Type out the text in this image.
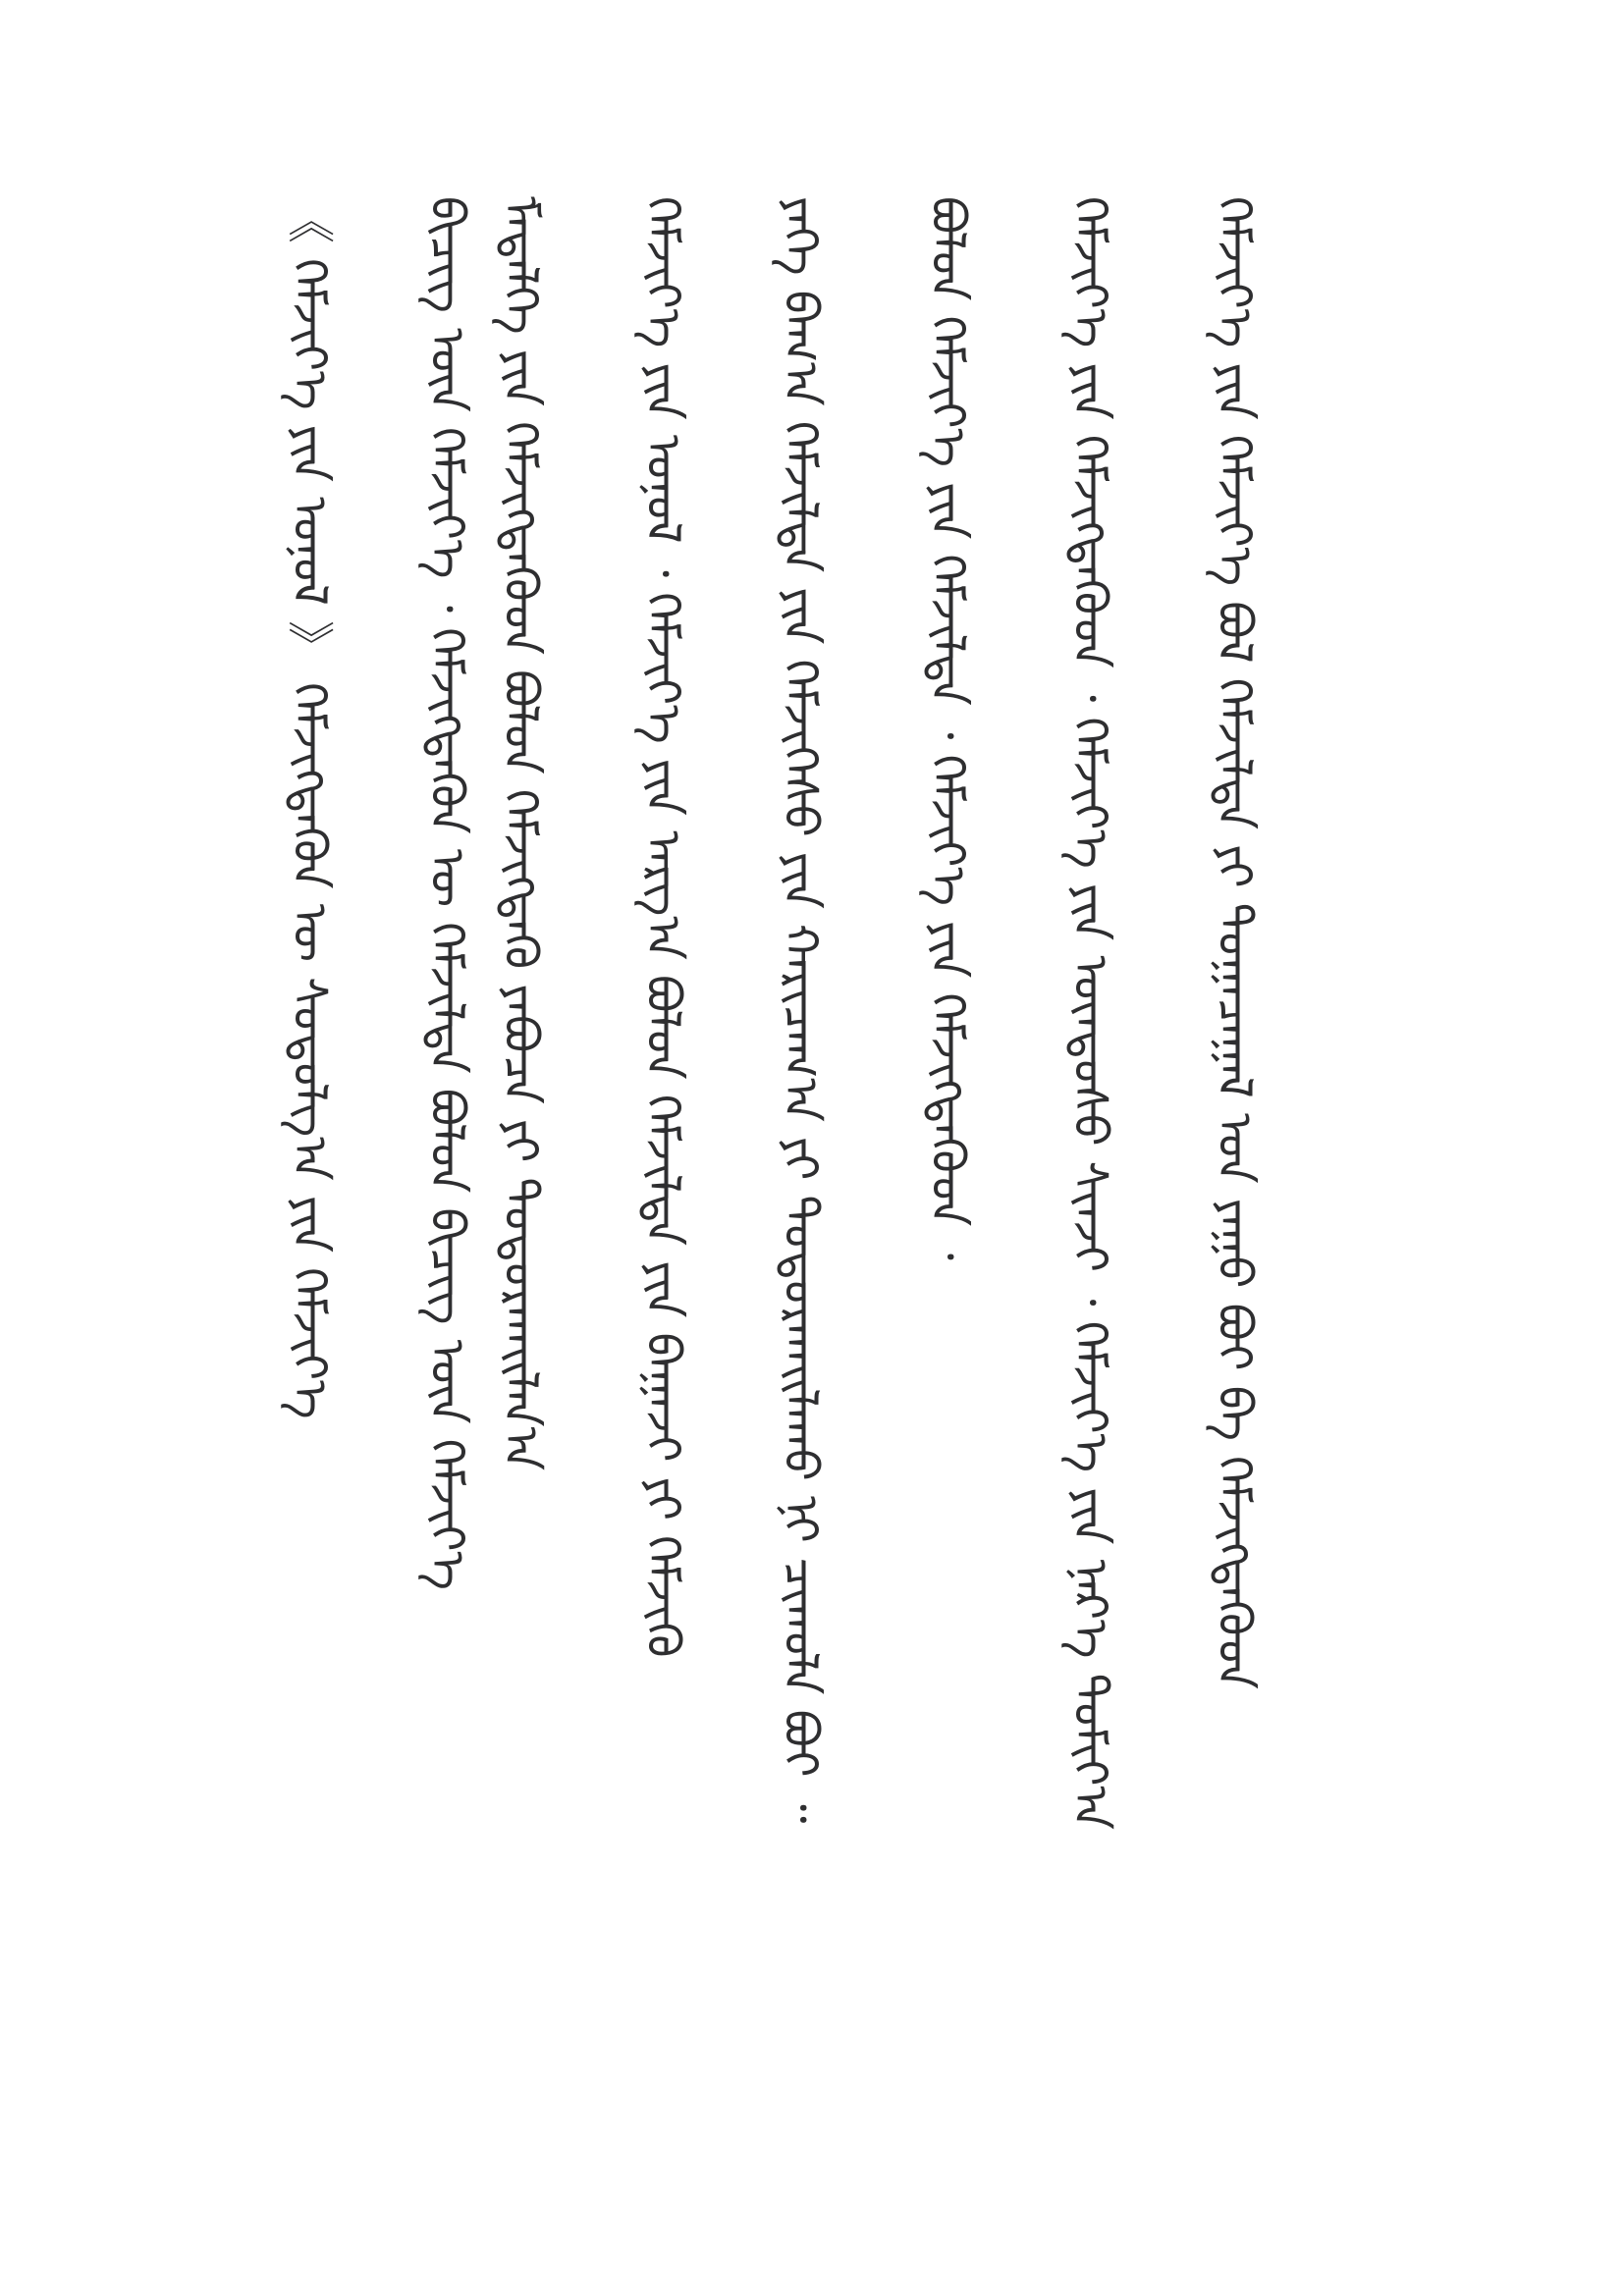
ᠬᠡᠮᠵᠢᠶ᠎ᠡ ᠶᠢᠨ ᠬᠡᠮᠵᠢᠶ᠎ᠡ ᠪᠤᠯ ᠬᠡᠮᠵᠢᠯᠲᠡ ᠶᠢ ᠲᠣᠭᠠᠴᠠᠭᠠᠯ ᠤᠨ ᠶᠠᠭᠤ ᠪᠤᠢ ᠪᠡ ᠬᠡᠮᠵᠢᠭᠳᠡᠬᠦᠦᠨ
ᠬᠡᠮᠵᠢᠶ᠎ᠡ ᠶᠢᠨ ᠬᠡᠮᠵᠢᠭᠳᠡᠬᠦᠦᠨ ᠂ ᠬᠡᠮᠵᠢᠶ᠎ᠡ ᠶᠢᠨ ᠦᠨᠳᠦᠰᠦ ᠰᠢᠨᠵᠢ ᠂ ᠬᠡᠮᠵᠢᠶ᠎ᠡ ᠶᠢᠨ ᠨᠡᠷ᠎ᠡ ᠲᠣᠮᠢᠶ᠎ᠠ
ᠪᠣᠯᠤᠨ ᠬᠡᠮᠵᠢᠶ᠎ᠡ ᠶᠢᠨ ᠬᠡᠮᠵᠢᠯᠲᠡ ᠂ ᠬᠡᠮᠵᠢᠶ᠎ᠡ ᠶᠢᠨ ᠬᠡᠮᠵᠢᠭᠳᠡᠬᠦᠦᠨ ᠂
ᠶᠡᠭᠡ ᠪᠠᠭ᠎ᠠ ᠬᠡᠮᠵᠢᠯᠲᠡ ᠶᠢᠨ ᠬᠡᠮᠵᠢᠭᠡᠰᠦ ᠶᠢᠨ ᠬᠠᠷᠢᠴᠠᠭ᠎ᠠ ᠶᠢ ᠲᠣᠳᠣᠷᠬᠠᠢᠯᠠᠬᠤ ᠨᠢ ᠴᠢᠬᠤᠯᠠ ᠪᠤᠢ ᠃
ᠬᠡᠮᠵᠢᠶ᠎ᠡ ᠶᠢᠨ ᠣᠨᠣᠯ ᠂ ᠬᠡᠮᠵᠢᠶ᠎ᠡ ᠶᠢᠨ ᠠᠷᠭ᠎ᠠ ᠪᠣᠯᠤᠨ ᠬᠡᠮᠵᠢᠯᠲᠡ ᠶᠢᠨ ᠪᠠᠭᠠᠵᠢ ᠶᠢ ᠬᠡᠮᠵᠢᠬᠦ
ᠮᠡᠳᠡᠯᠭᠡ ᠶᠢᠨ ᠬᠡᠮᠵᠢᠭᠳᠡᠬᠦᠦᠨ ᠪᠣᠯᠤᠨ ᠬᠡᠮᠵᠢᠭᠳᠡᠬᠦ ᠶᠠᠪᠤᠴᠠ ᠶᠢ ᠲᠣᠳᠣᠷᠬᠠᠢᠯᠠᠨ᠎ᠠ
ᠪᠢᠴᠢᠭ᠌ ᠦᠨ ᠬᠡᠮᠵᠢᠶ᠎ᠡ ᠂ ᠬᠡᠮᠵᠢᠭᠳᠡᠬᠦᠨ ᠦ ᠬᠡᠮᠵᠢᠯᠲᠡ ᠪᠣᠯᠤᠨ ᠪᠢᠴᠢᠭ᠌ ᠦᠨ ᠬᠡᠮᠵᠢᠶ᠎ᠡ
《 ᠬᠡᠮᠵᠢᠶ᠎ᠡ ᠶᠢᠨ ᠣᠨᠣᠯ 》 ᠬᠡᠮᠵᠢᠭᠳᠡᠬᠦᠨ ᠦ ᠰᠤᠳᠤᠯᠭ᠎ᠠ ᠶᠢᠨ ᠬᠡᠮᠵᠢᠶ᠎ᠡ
